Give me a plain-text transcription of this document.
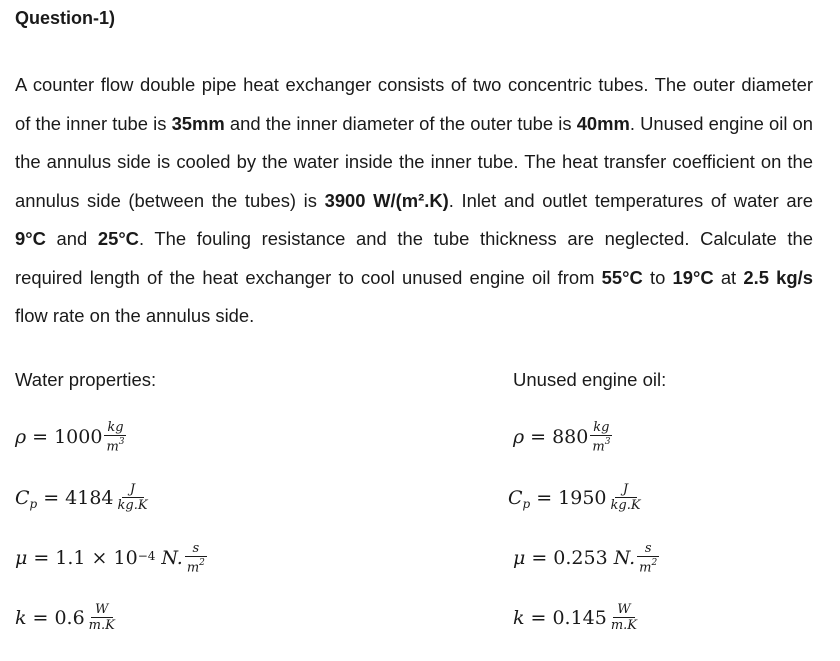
Question-1)
A counter flow double pipe heat exchanger consists of two concentric tubes. The outer diameter of the inner tube is 35mm and the inner diameter of the outer tube is 40mm. Unused engine oil on the annulus side is cooled by the water inside the inner tube. The heat transfer coefficient on the annulus side (between the tubes) is 3900 W/(m².K). Inlet and outlet temperatures of water are 9°C and 25°C. The fouling resistance and the tube thickness are neglected. Calculate the required length of the heat exchanger to cool unused engine oil from 55°C to 19°C at 2.5 kg/s flow rate on the annulus side.
Water properties:
$\rho = 1000 \frac{kg}{m^3}$
C $p = 4184 \frac{J}{kg.K}$
$\mu = 1.1 \times 10^{-4}$ N. $\frac{s}{m^2}$
$k = 0.6 \frac{W}{m.K}$
Unused engine oil:
$\rho = 880 \frac{kg}{m^3}$
C $p = 1950 \frac{J}{kg.K}$
μ = 0.253 N. $\frac{s}{m^2}$
$k = 0.145 \frac{W}{m.K}$
